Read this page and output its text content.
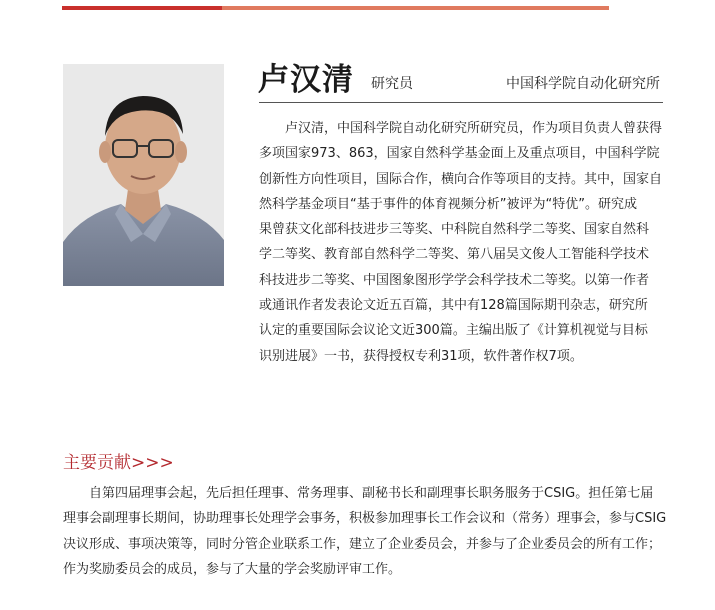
卢汉清 研究员	中国科学院自动化研究所
卢汉清，中国科学院自动化研究所研究员，作为项目负责人曾获得
多项国家973、863，国家自然科学基金面上及重点项目，中国科学院
创新性方向性项目，国际合作，横向合作等项目的支持。其中，国家自
然科学基金项目“基于事件的体育视频分析”被评为“特优”。研究成
果曾获文化部科技进步三等奖、中科院自然科学二等奖、国家自然科
学二等奖、教育部自然科学二等奖、第八届吴文俊人工智能科学技术
科技进步二等奖、中国图象图形学学会科学技术二等奖。以第一作者
或通讯作者发表论文近五百篇，其中有128篇国际期刊杂志，研究所
认定的重要国际会议论文近300篇。主编出版了《计算机视觉与目标
识别进展》一书，获得授权专利31项，软件著作权7项。
主要贡献>>>
自第四届理事会起，先后担任理事、常务理事、副秘书长和副理事长职务服务于CSIG。担任第七届
理事会副理事长期间，协助理事长处理学会事务，积极参加理事长工作会议和（常务）理事会，参与CSIG
决议形成、事项决策等，同时分管企业联系工作，建立了企业委员会，并参与了企业委员会的所有工作；
作为奖励委员会的成员，参与了大量的学会奖励评审工作。
